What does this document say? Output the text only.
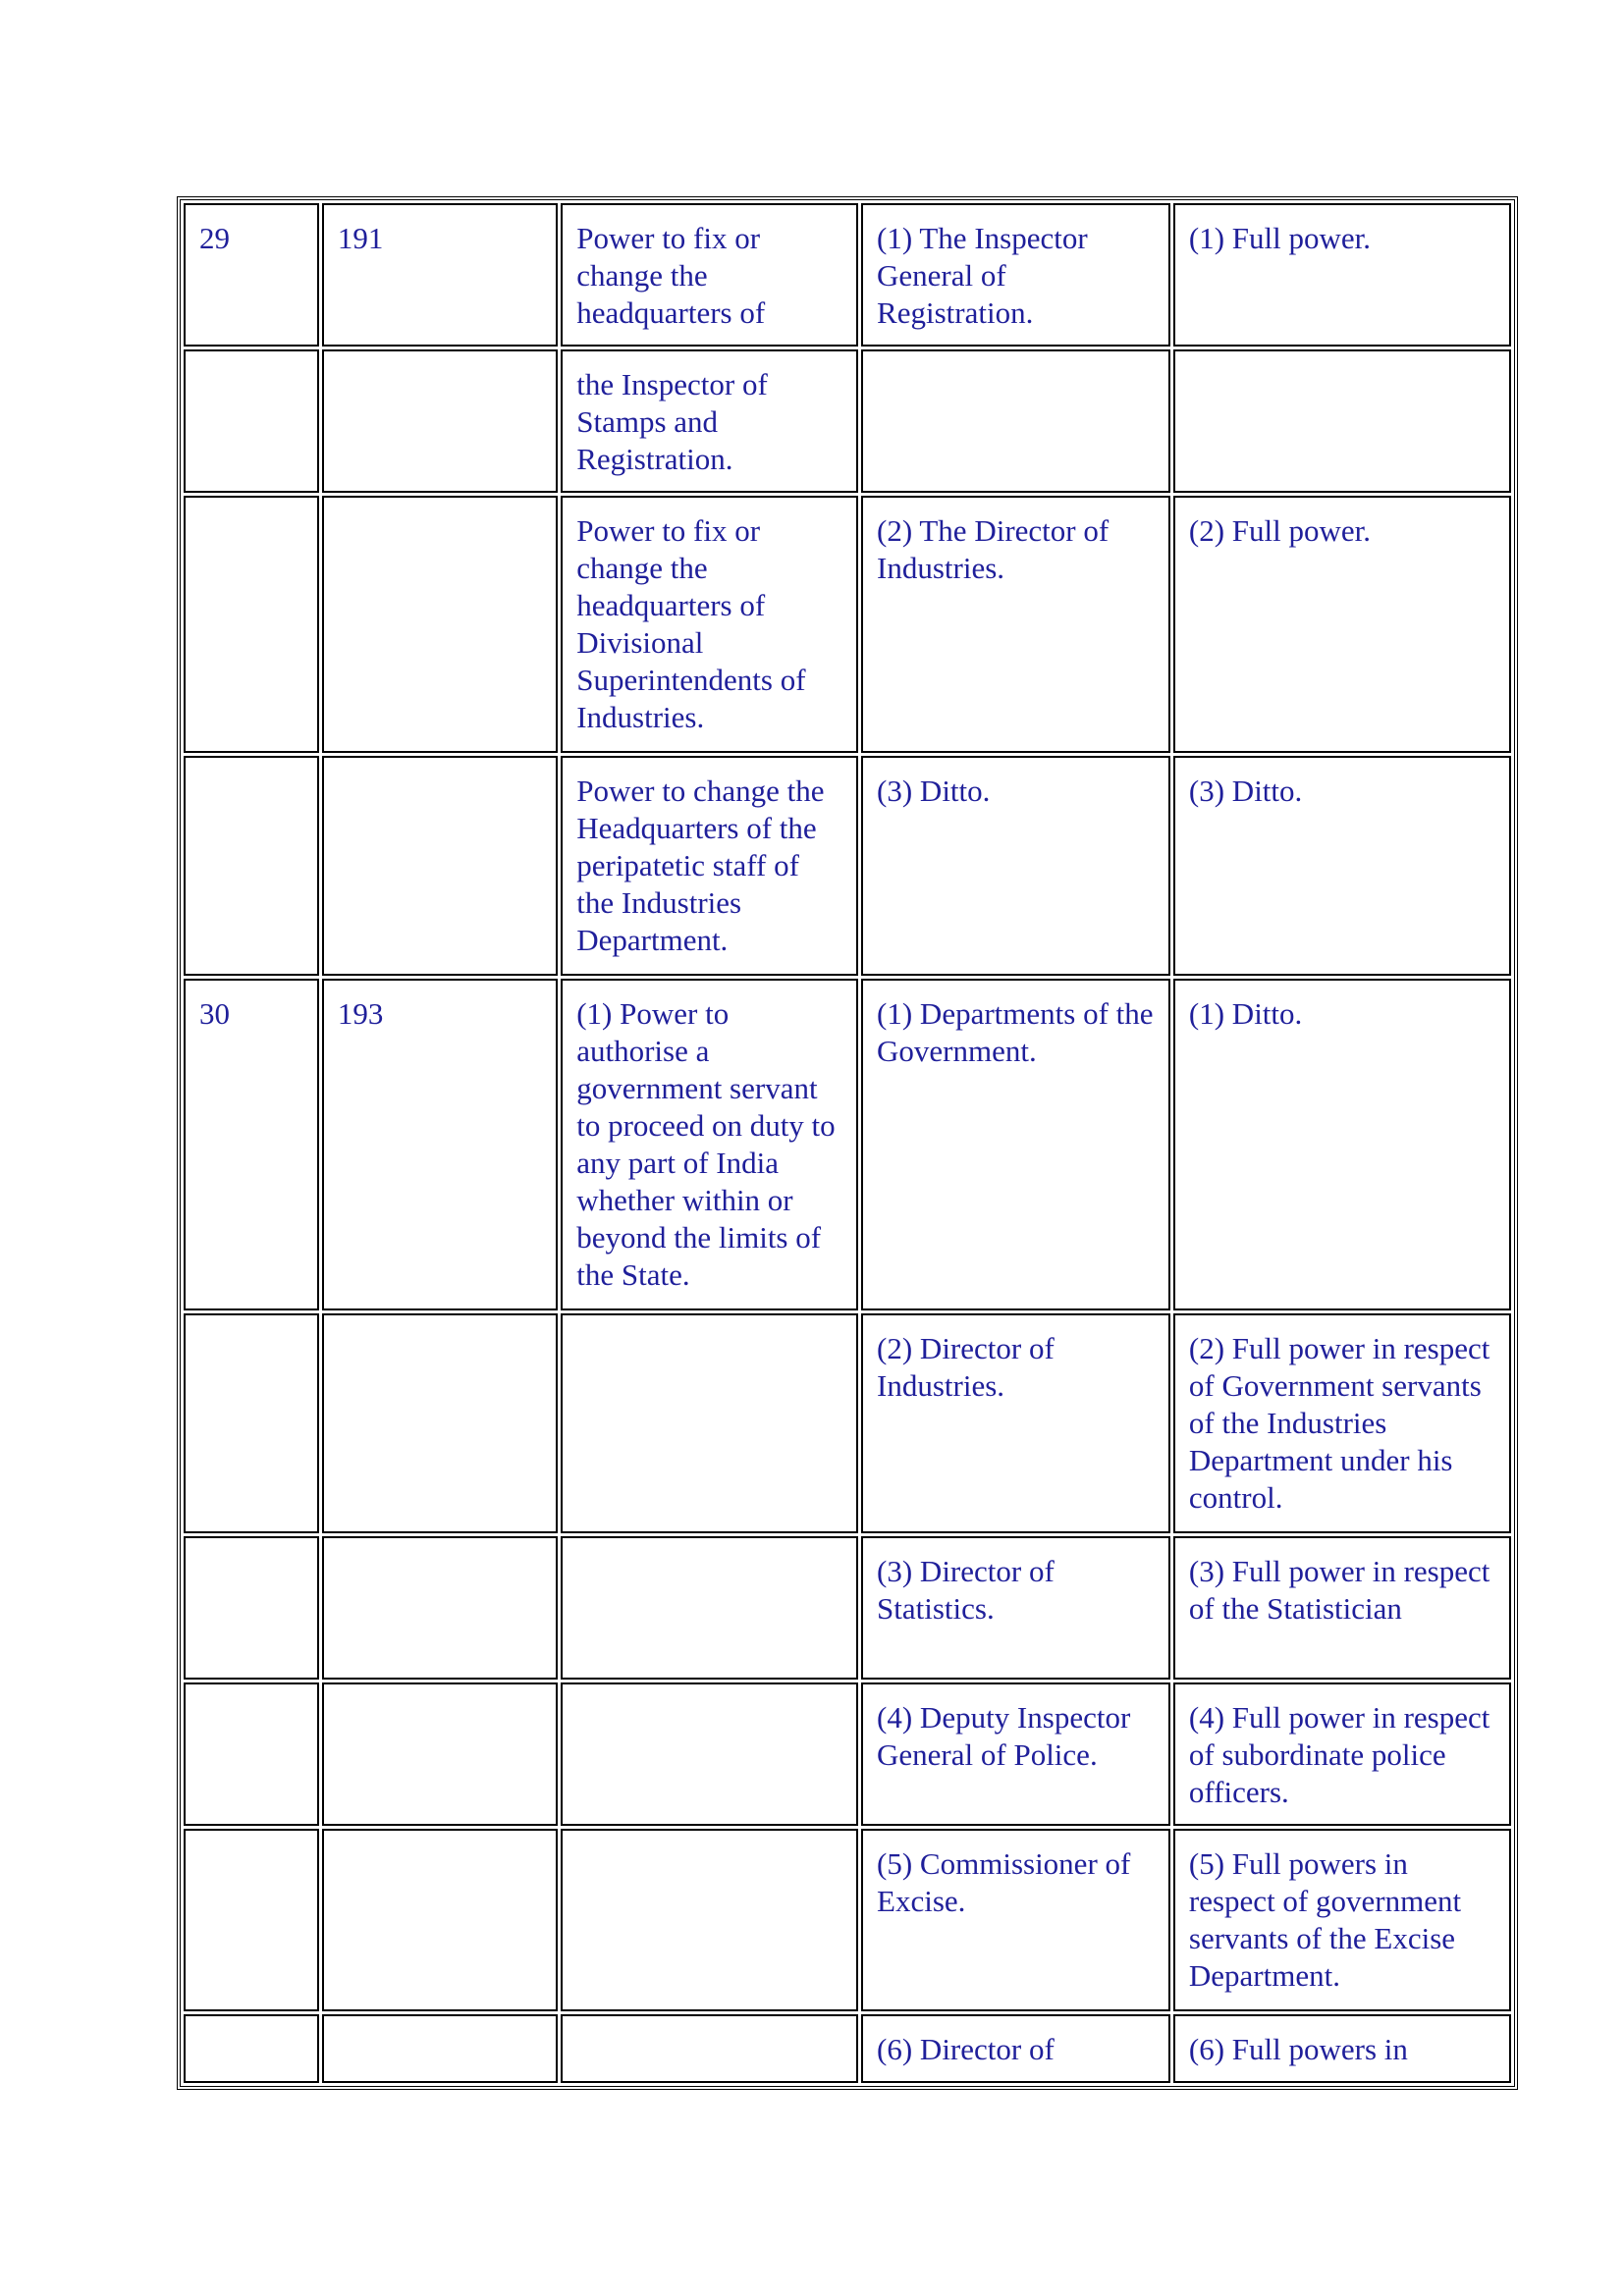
29	191	Power to fix or change the headquarters of	(1) The Inspector General of Registration.	(1) Full power.
		the Inspector of Stamps and Registration.		
		Power to fix or change the headquarters of Divisional Superintendents of Industries.	(2) The Director of Industries.	(2) Full power.
		Power to change the Headquarters of the peripatetic staff of the Industries Department.	(3) Ditto.	(3) Ditto.
30	193	(1) Power to authorise a government servant to proceed on duty to any part of India whether within or beyond the limits of the State.	(1) Departments of the Government.	(1) Ditto.
			(2) Director of Industries.	(2) Full power in respect of Government servants of the Industries Department under his control.
			(3) Director of Statistics.	(3) Full power in respect of the Statistician
			(4) Deputy Inspector General of Police.	(4) Full power in respect of subordinate police officers.
			(5) Commissioner of Excise.	(5) Full powers in respect of government servants of the Excise Department.
			(6) Director of	(6) Full powers in
